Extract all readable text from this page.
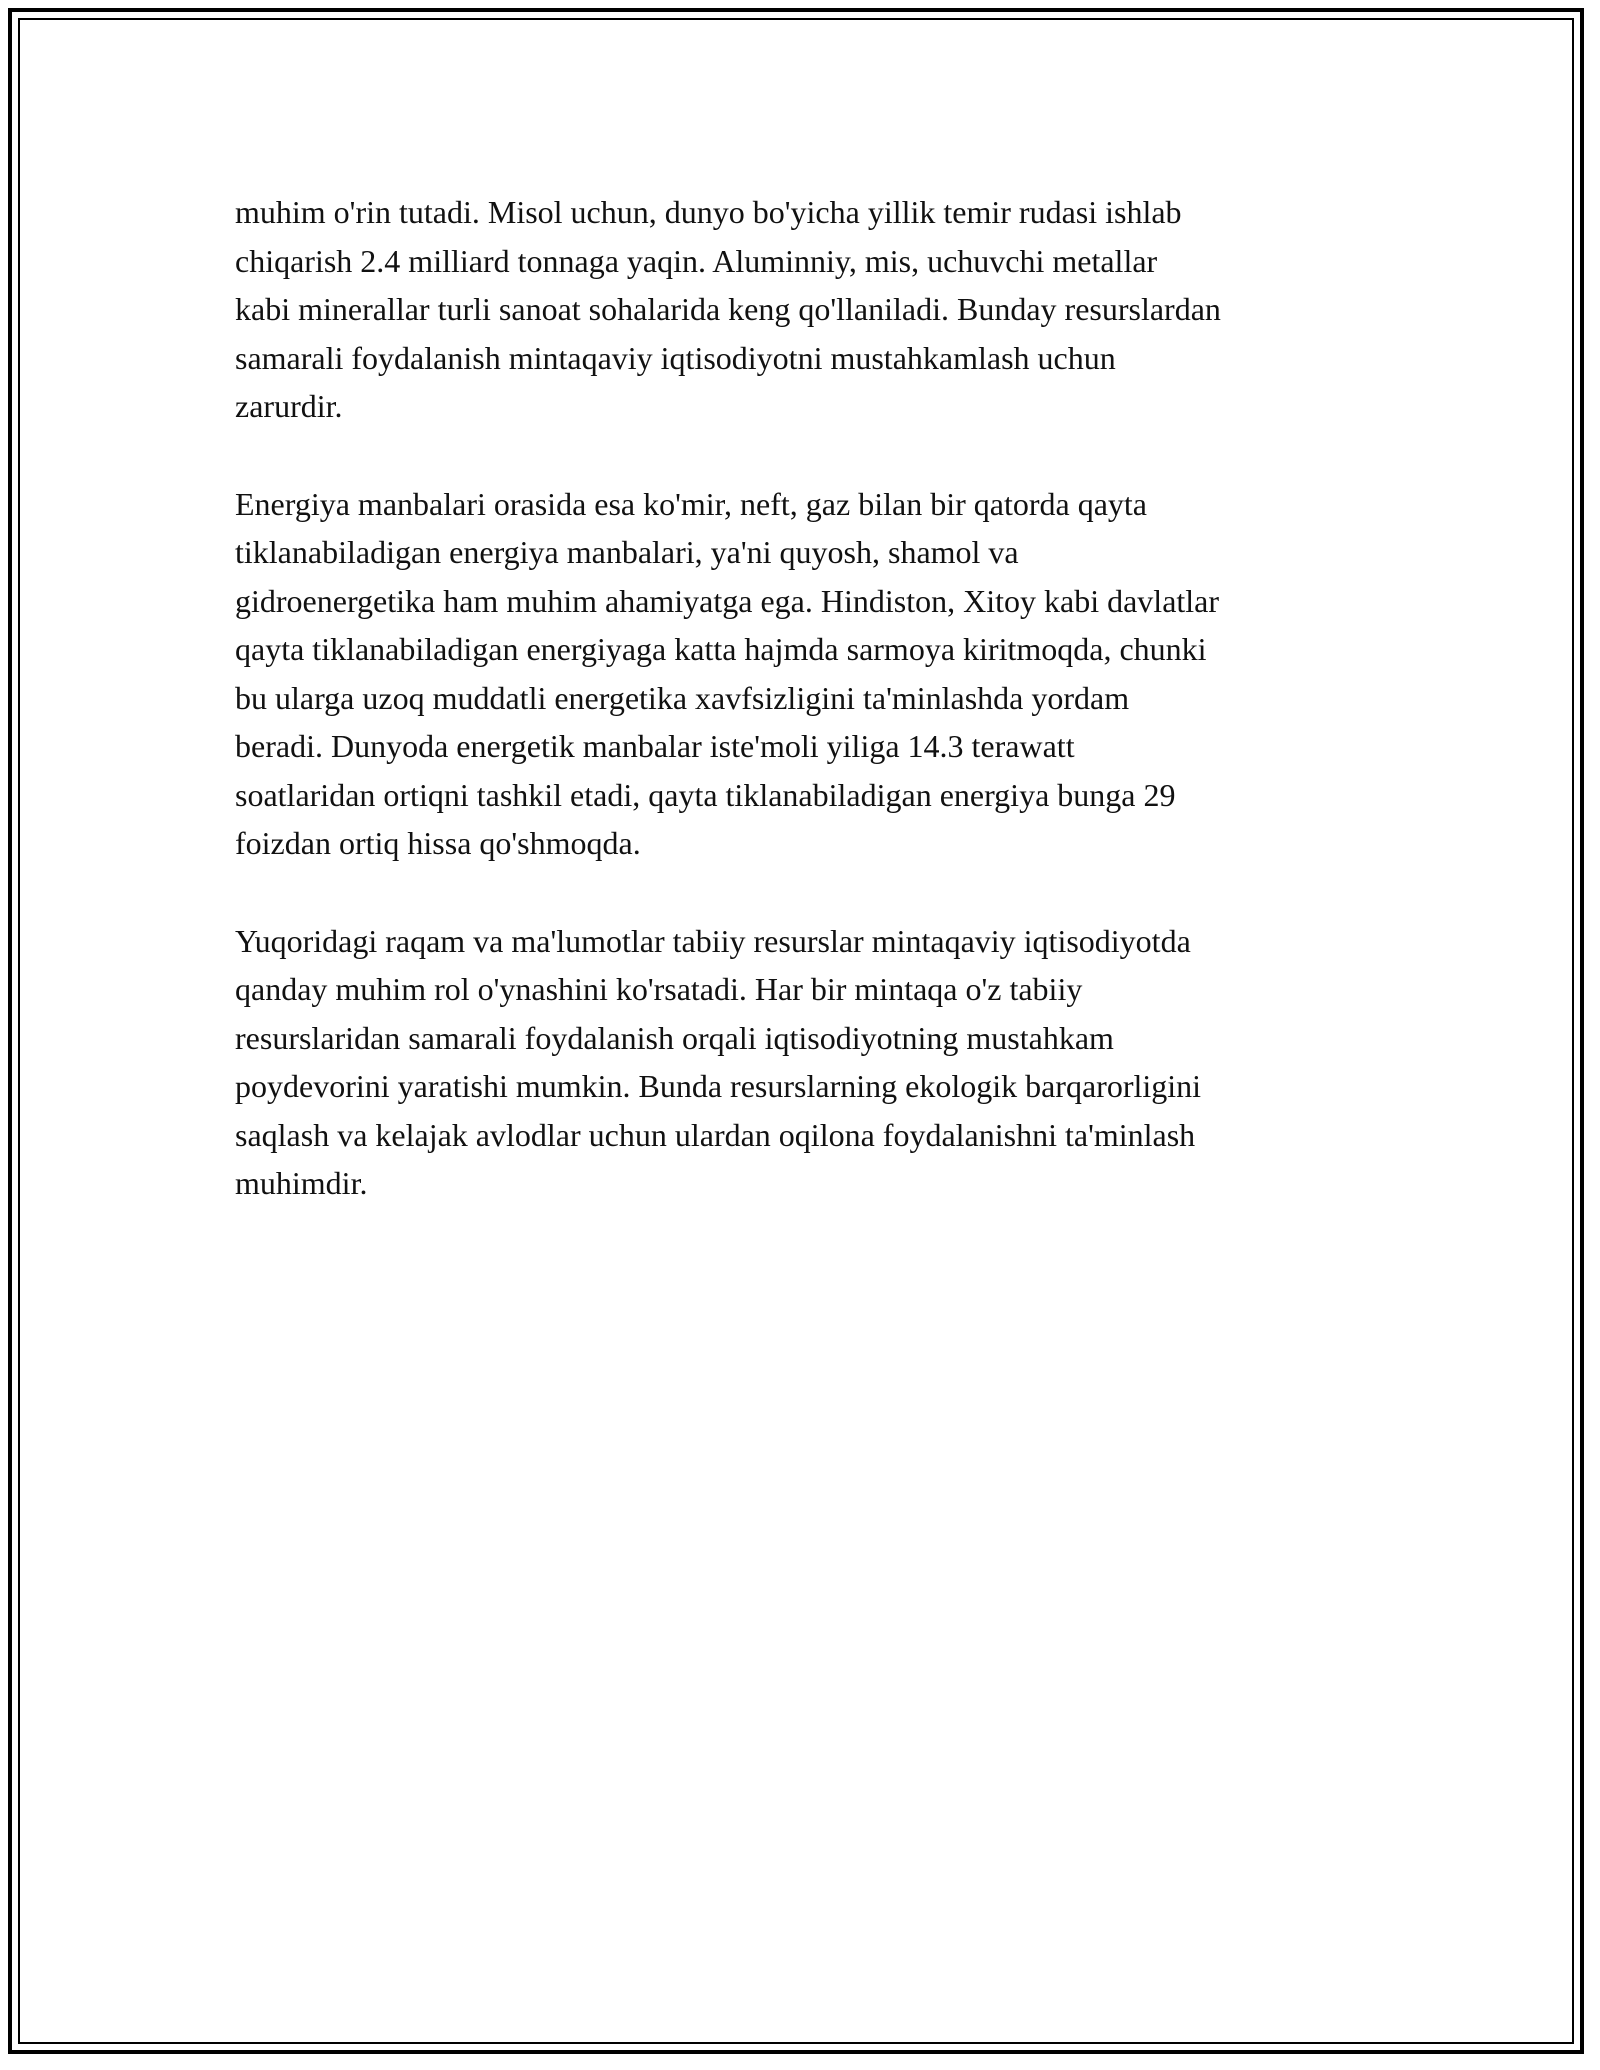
muhim o'rin tutadi. Misol uchun, dunyo bo'yicha yillik temir rudasi ishlab
chiqarish 2.4 milliard tonnaga yaqin. Aluminniy, mis, uchuvchi metallar
kabi minerallar turli sanoat sohalarida keng qo'llaniladi. Bunday resurslardan
samarali foydalanish mintaqaviy iqtisodiyotni mustahkamlash uchun
zarurdir.

Energiya manbalari orasida esa ko'mir, neft, gaz bilan bir qatorda qayta
tiklanabiladigan energiya manbalari, ya'ni quyosh, shamol va
gidroenergetika ham muhim ahamiyatga ega. Hindiston, Xitoy kabi davlatlar
qayta tiklanabiladigan energiyaga katta hajmda sarmoya kiritmoqda, chunki
bu ularga uzoq muddatli energetika xavfsizligini ta'minlashda yordam
beradi. Dunyoda energetik manbalar iste'moli yiliga 14.3 terawatt
soatlaridan ortiqni tashkil etadi, qayta tiklanabiladigan energiya bunga 29
foizdan ortiq hissa qo'shmoqda.

Yuqoridagi raqam va ma'lumotlar tabiiy resurslar mintaqaviy iqtisodiyotda
qanday muhim rol o'ynashini ko'rsatadi. Har bir mintaqa o'z tabiiy
resurslaridan samarali foydalanish orqali iqtisodiyotning mustahkam
poydevorini yaratishi mumkin. Bunda resurslarning ekologik barqarorligini
saqlash va kelajak avlodlar uchun ulardan oqilona foydalanishni ta'minlash
muhimdir.
